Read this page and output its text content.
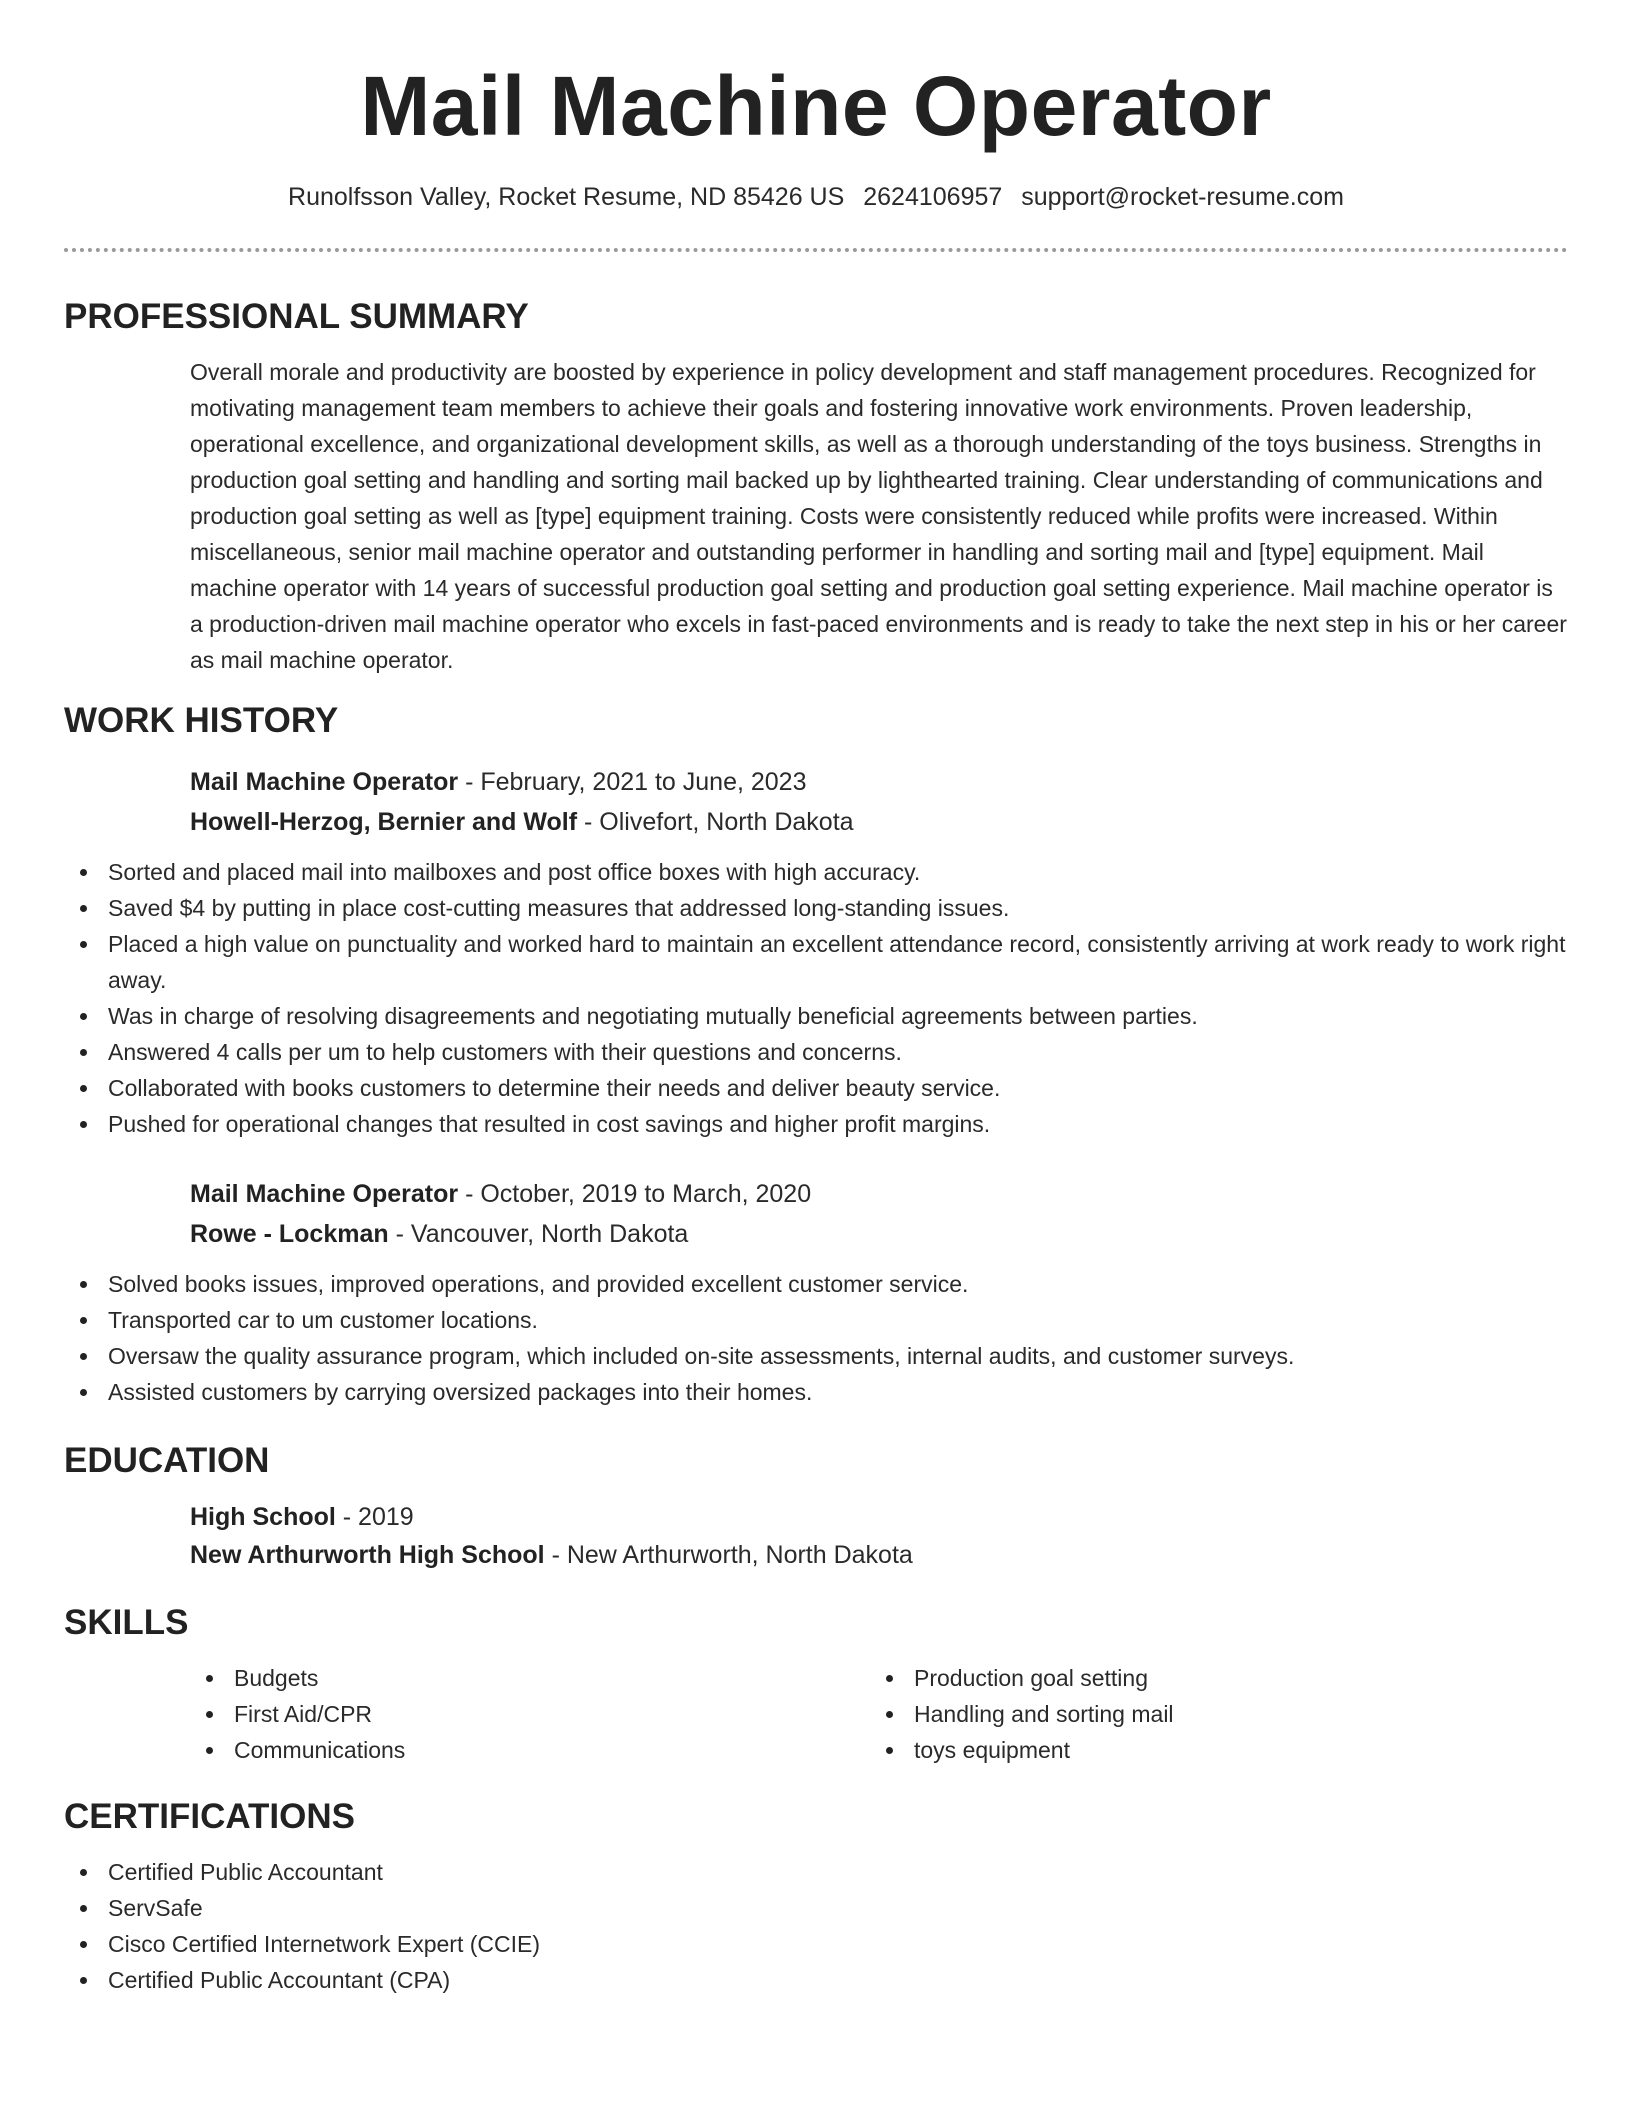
Mail Machine Operator
Runolfsson Valley, Rocket Resume, ND 85426 US 2624106957 support@rocket-resume.com
PROFESSIONAL SUMMARY

Overall morale and productivity are boosted by experience in policy development and staff management procedures. Recognized for motivating management team members to achieve their goals and fostering innovative work environments. Proven leadership, operational excellence, and organizational development skills, as well as a thorough understanding of the toys business. Strengths in production goal setting and handling and sorting mail backed up by lighthearted training. Clear understanding of communications and production goal setting as well as [type] equipment training. Costs were consistently reduced while profits were increased. Within miscellaneous, senior mail machine operator and outstanding performer in handling and sorting mail and [type] equipment. Mail machine operator with 14 years of successful production goal setting and production goal setting experience. Mail machine operator is a production-driven mail machine operator who excels in fast-paced environments and is ready to take the next step in his or her career as mail machine operator.

WORK HISTORY
Mail Machine Operator - February, 2021 to June, 2023
Howell-Herzog, Bernier and Wolf - Olivefort, North Dakota
Sorted and placed mail into mailboxes and post office boxes with high accuracy.
Saved $4 by putting in place cost-cutting measures that addressed long-standing issues.
Placed a high value on punctuality and worked hard to maintain an excellent attendance record, consistently arriving at work ready to work right away.
Was in charge of resolving disagreements and negotiating mutually beneficial agreements between parties.
Answered 4 calls per um to help customers with their questions and concerns.
Collaborated with books customers to determine their needs and deliver beauty service.
Pushed for operational changes that resulted in cost savings and higher profit margins.
Mail Machine Operator - October, 2019 to March, 2020
Rowe - Lockman - Vancouver, North Dakota
Solved books issues, improved operations, and provided excellent customer service.
Transported car to um customer locations.
Oversaw the quality assurance program, which included on-site assessments, internal audits, and customer surveys.
Assisted customers by carrying oversized packages into their homes.
EDUCATION
High School - 2019
New Arthurworth High School - New Arthurworth, North Dakota
SKILLS
Budgets
First Aid/CPR
Communications
Production goal setting
Handling and sorting mail
toys equipment
CERTIFICATIONS
Certified Public Accountant
ServSafe
Cisco Certified Internetwork Expert (CCIE)
Certified Public Accountant (CPA)
